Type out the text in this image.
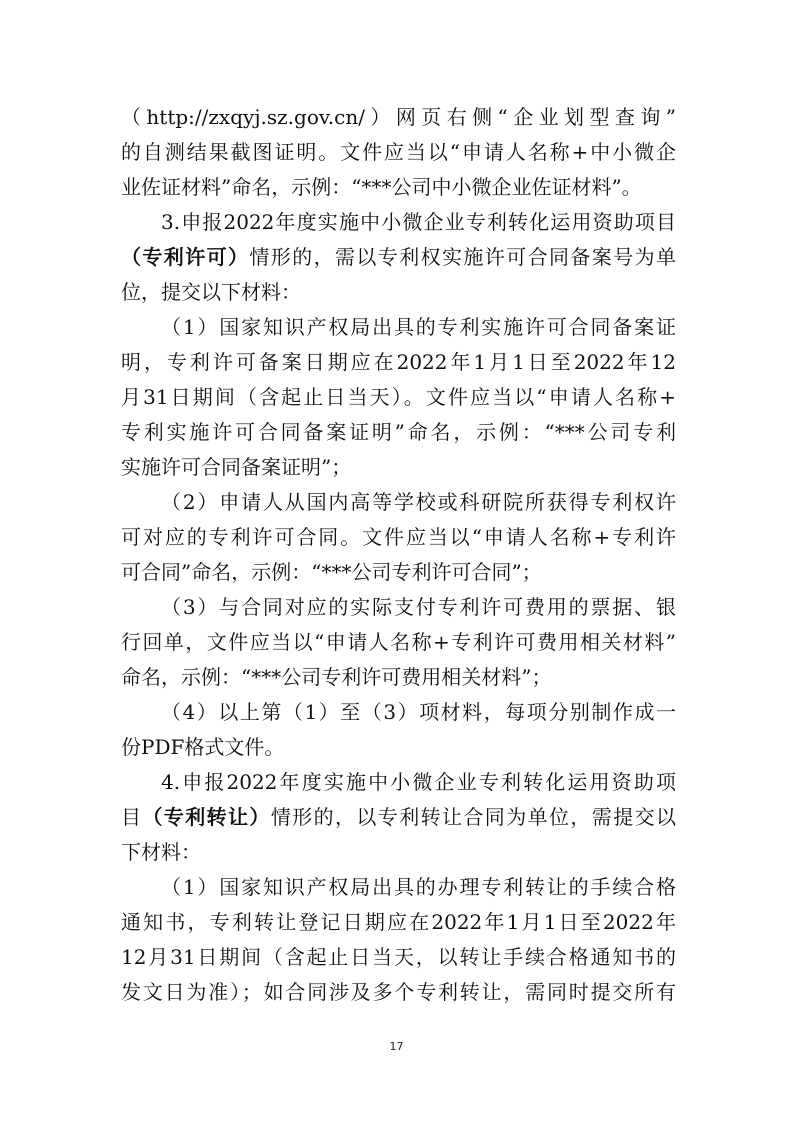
（http://zxqyj.sz.gov.cn/）网页右侧“企业划型查询”
的自测结果截图证明。文件应当以“申请人名称+中小微企
业佐证材料”命名，示例：“***公司中小微企业佐证材料”。
3.申报2022年度实施中小微企业专利转化运用资助项目
（专利许可）情形的，需以专利权实施许可合同备案号为单
位，提交以下材料：
（1）国家知识产权局出具的专利实施许可合同备案证
明，专利许可备案日期应在2022年1月1日至2022年12
月31日期间（含起止日当天）。文件应当以“申请人名称+
专利实施许可合同备案证明”命名，示例：“***公司专利
实施许可合同备案证明”；
（2）申请人从国内高等学校或科研院所获得专利权许
可对应的专利许可合同。文件应当以“申请人名称+专利许
可合同”命名，示例：“***公司专利许可合同”；
（3）与合同对应的实际支付专利许可费用的票据、银
行回单，文件应当以“申请人名称+专利许可费用相关材料”
命名，示例：“***公司专利许可费用相关材料”；
（4）以上第（1）至（3）项材料，每项分别制作成一
份PDF格式文件。
4.申报2022年度实施中小微企业专利转化运用资助项
目（专利转让）情形的，以专利转让合同为单位，需提交以
下材料：
（1）国家知识产权局出具的办理专利转让的手续合格
通知书，专利转让登记日期应在2022年1月1日至2022年
12月31日期间（含起止日当天，以转让手续合格通知书的
发文日为准）；如合同涉及多个专利转让，需同时提交所有
17
